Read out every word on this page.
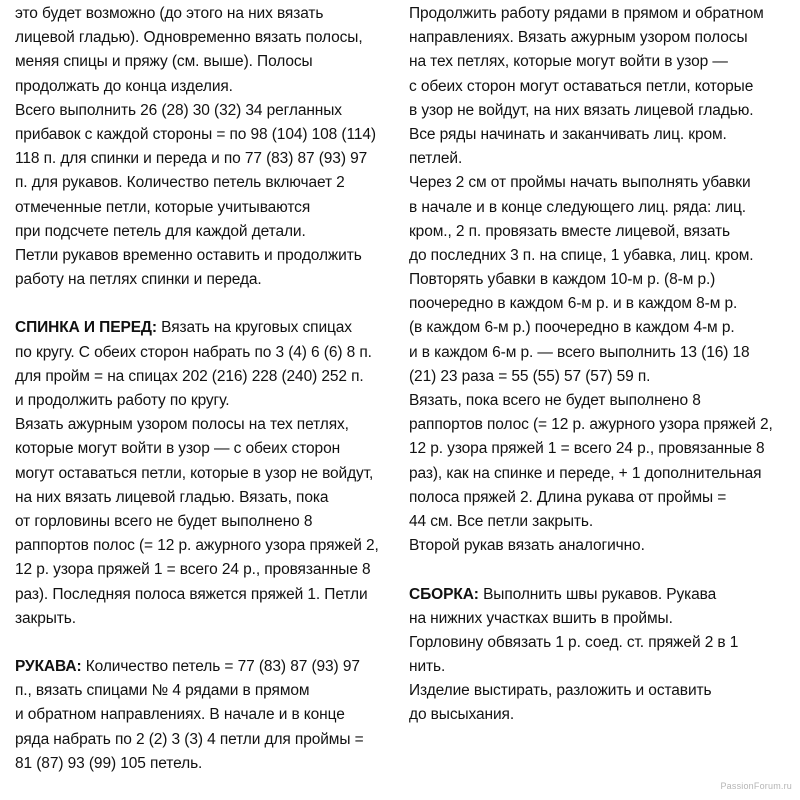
это будет возможно (до этого на них вязать
лицевой гладью). Одновременно вязать полосы,
меняя спицы и пряжу (см. выше). Полосы
продолжать до конца изделия.
Всего выполнить 26 (28) 30 (32) 34 регланных
прибавок с каждой стороны = по 98 (104) 108 (114)
118 п. для спинки и переда и по 77 (83) 87 (93) 97
п. для рукавов. Количество петель включает 2
отмеченные петли, которые учитываются
при подсчете петель для каждой детали.
Петли рукавов временно оставить и продолжить
работу на петлях спинки и переда.
СПИНКА И ПЕРЕД: Вязать на круговых спицах
по кругу. С обеих сторон набрать по 3 (4) 6 (6) 8 п.
для пройм = на спицах 202 (216) 228 (240) 252 п.
и продолжить работу по кругу.
Вязать ажурным узором полосы на тех петлях,
которые могут войти в узор — с обеих сторон
могут оставаться петли, которые в узор не войдут,
на них вязать лицевой гладью. Вязать, пока
от горловины всего не будет выполнено 8
раппортов полос (= 12 р. ажурного узора пряжей 2,
12 р. узора пряжей 1 = всего 24 р., провязанные 8
раз). Последняя полоса вяжется пряжей 1. Петли
закрыть.
РУКАВА: Количество петель = 77 (83) 87 (93) 97
п., вязать спицами № 4 рядами в прямом
и обратном направлениях. В начале и в конце
ряда набрать по 2 (2) 3 (3) 4 петли для проймы =
81 (87) 93 (99) 105 петель.
Продолжить работу рядами в прямом и обратном
направлениях. Вязать ажурным узором полосы
на тех петлях, которые могут войти в узор —
с обеих сторон могут оставаться петли, которые
в узор не войдут, на них вязать лицевой гладью.
Все ряды начинать и заканчивать лиц. кром.
петлей.
Через 2 см от проймы начать выполнять убавки
в начале и в конце следующего лиц. ряда: лиц.
кром., 2 п. провязать вместе лицевой, вязать
до последних 3 п. на спице, 1 убавка, лиц. кром.
Повторять убавки в каждом 10-м р. (8-м р.)
поочередно в каждом 6-м р. и в каждом 8-м р.
(в каждом 6-м р.) поочередно в каждом 4-м р.
и в каждом 6-м р. — всего выполнить 13 (16) 18
(21) 23 раза = 55 (55) 57 (57) 59 п.
Вязать, пока всего не будет выполнено 8
раппортов полос (= 12 р. ажурного узора пряжей 2,
12 р. узора пряжей 1 = всего 24 р., провязанные 8
раз), как на спинке и переде, + 1 дополнительная
полоса пряжей 2. Длина рукава от проймы =
44 см. Все петли закрыть.
Второй рукав вязать аналогично.
СБОРКА: Выполнить швы рукавов. Рукава
на нижних участках вшить в проймы.
Горловину обвязать 1 р. соед. ст. пряжей 2 в 1
нить.
Изделие выстирать, разложить и оставить
до высыхания.
PassionForum.ru
